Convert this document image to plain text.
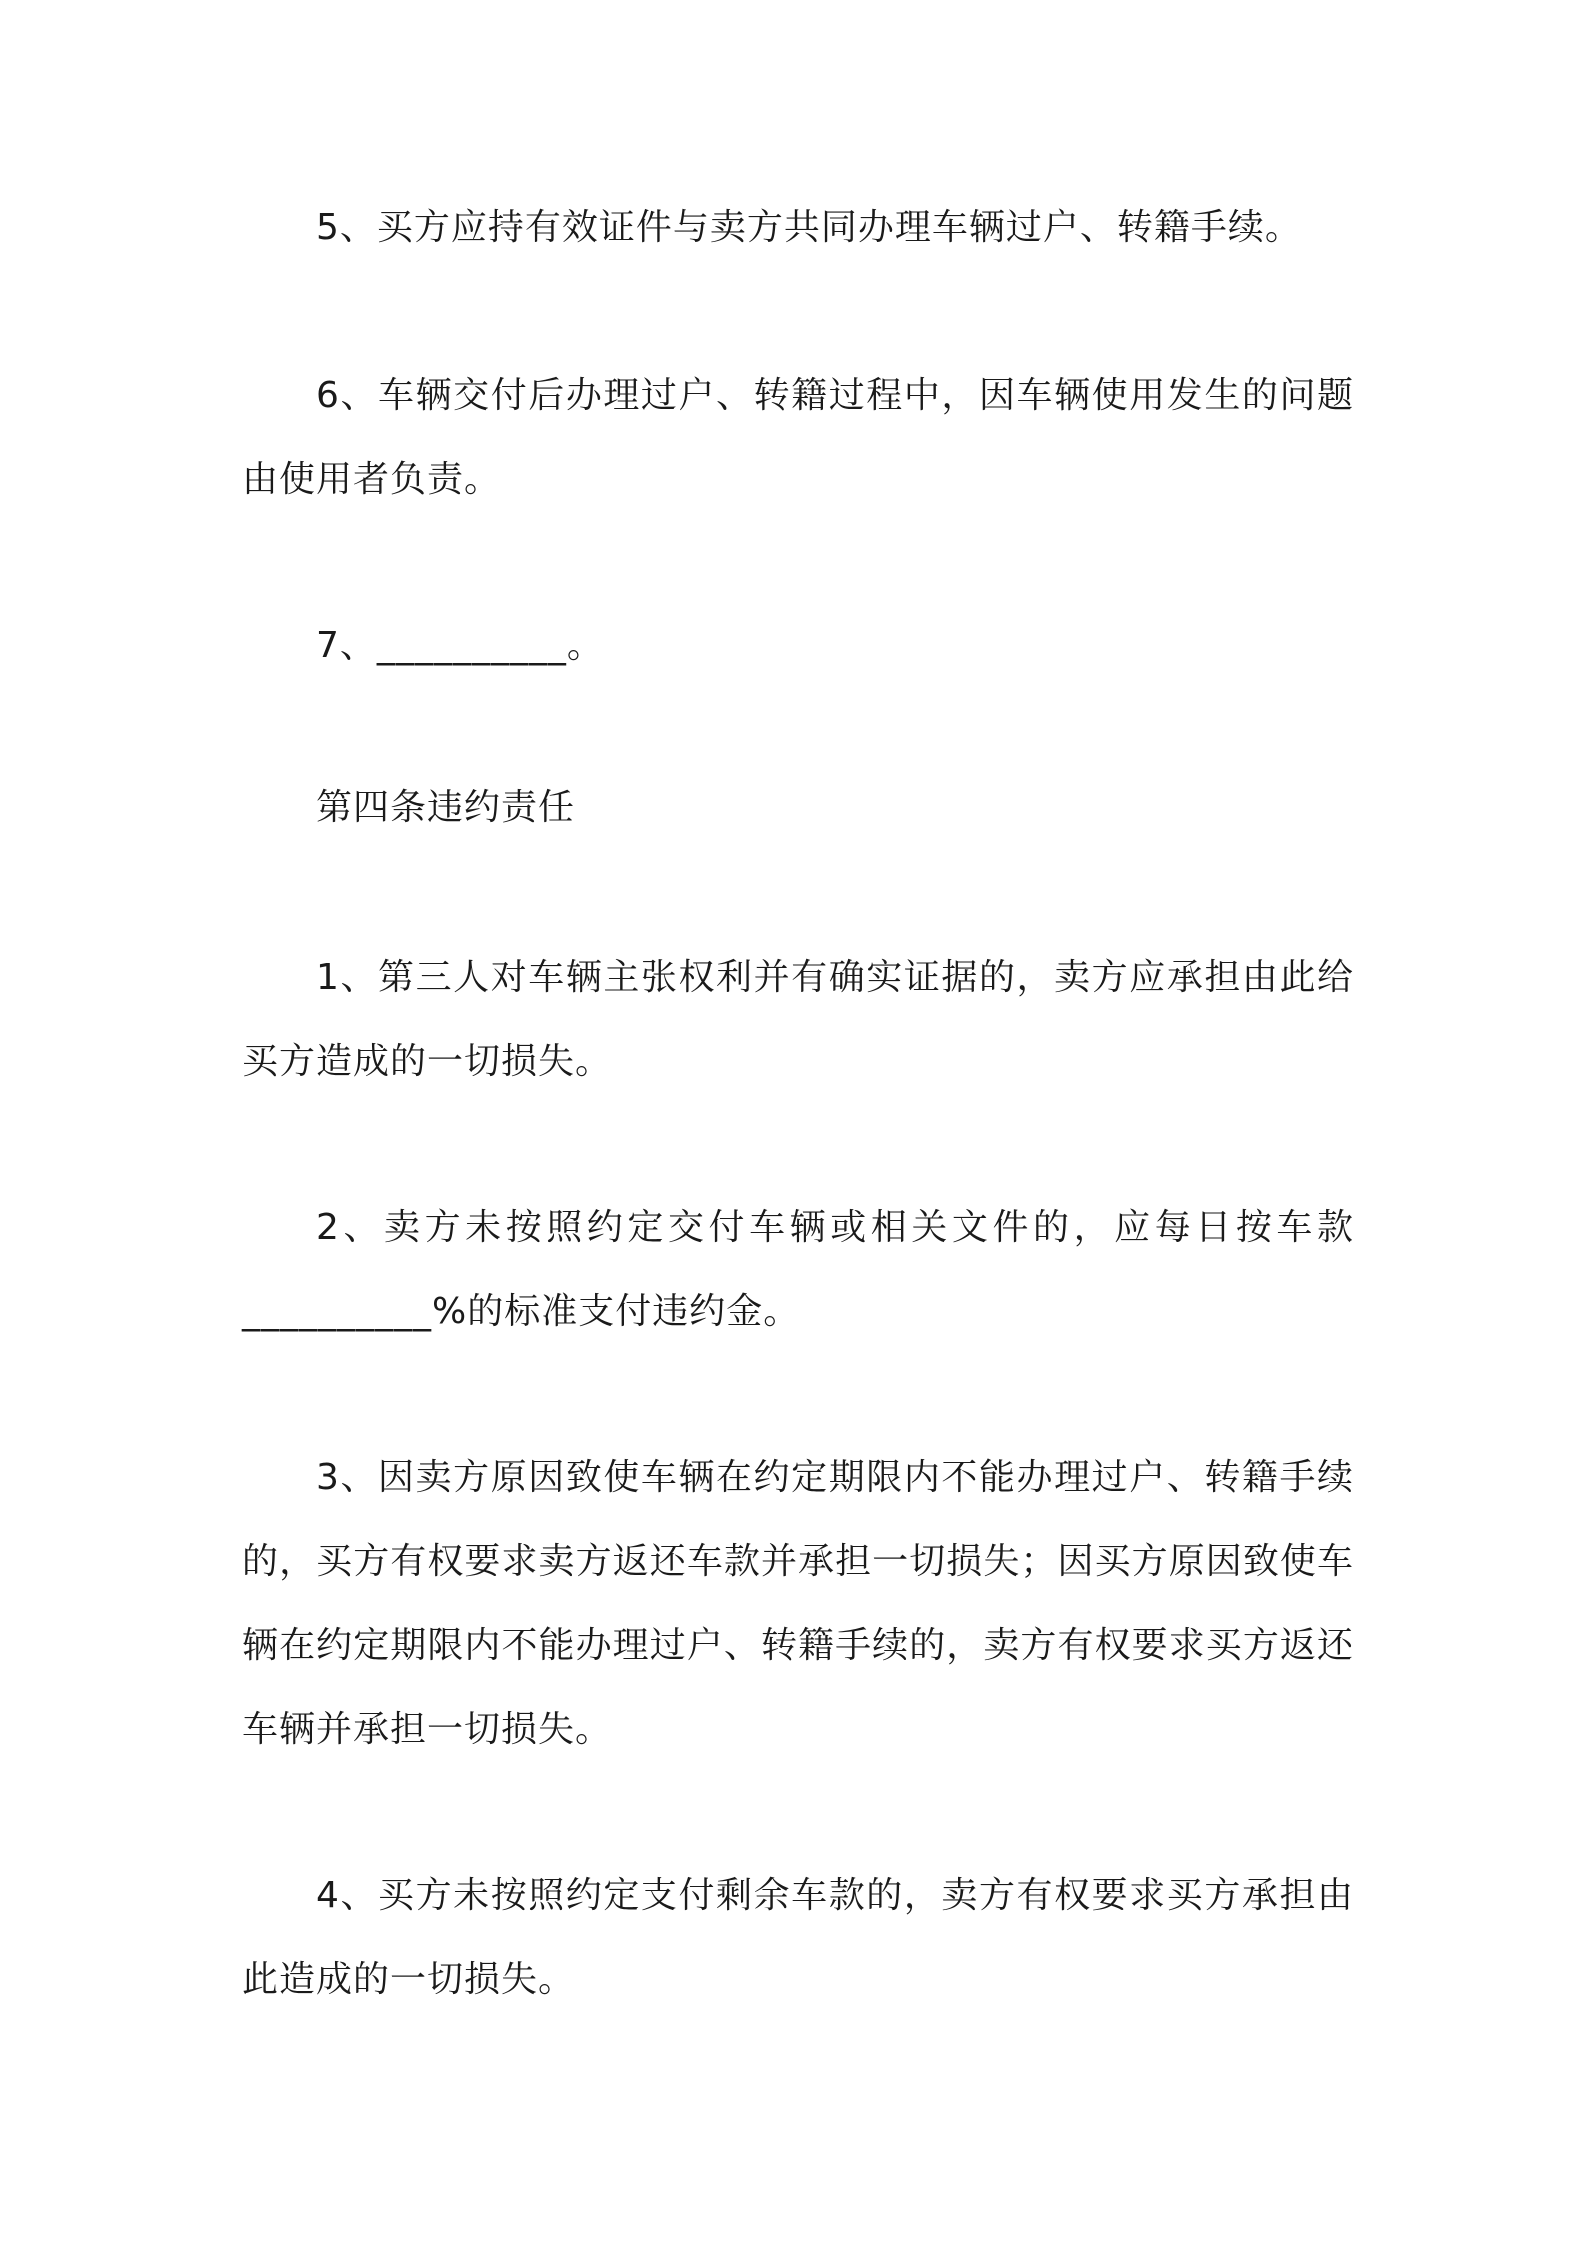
5、买方应持有效证件与卖方共同办理车辆过户、转籍手续。

6、车辆交付后办理过户、转籍过程中，因车辆使用发生的问题由使用者负责。

7、__________。

第四条违约责任

1、第三人对车辆主张权利并有确实证据的，卖方应承担由此给买方造成的一切损失。

2、卖方未按照约定交付车辆或相关文件的，应每日按车款__________%的标准支付违约金。

3、因卖方原因致使车辆在约定期限内不能办理过户、转籍手续的，买方有权要求卖方返还车款并承担一切损失；因买方原因致使车辆在约定期限内不能办理过户、转籍手续的，卖方有权要求买方返还车辆并承担一切损失。

4、买方未按照约定支付剩余车款的，卖方有权要求买方承担由此造成的一切损失。
